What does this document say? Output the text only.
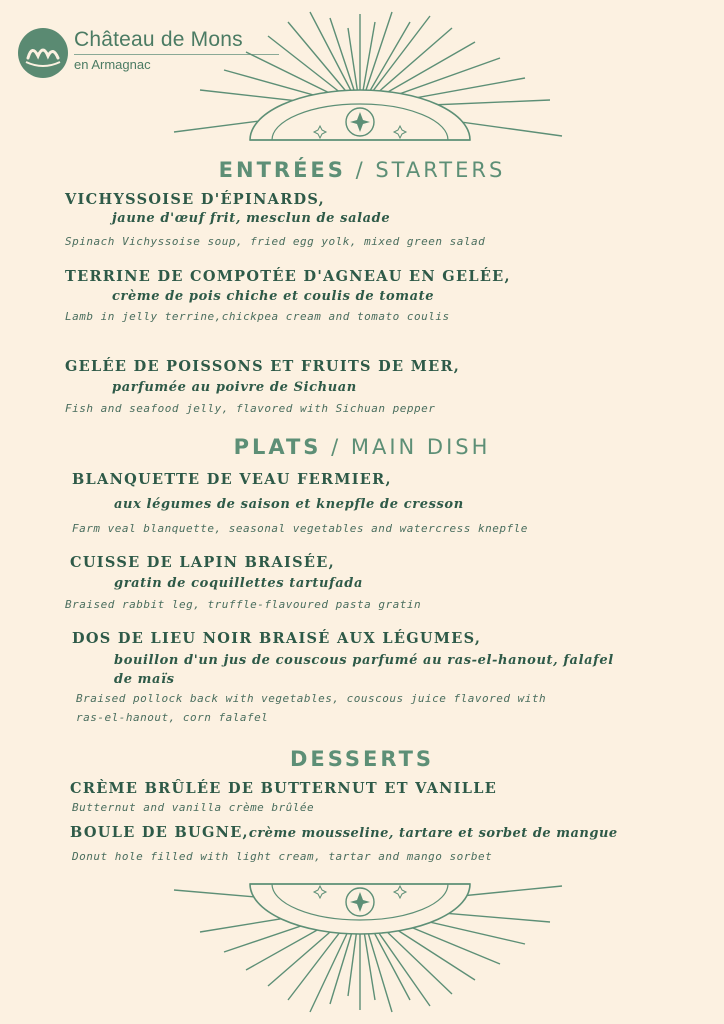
Château de Mons
en Armagnac
ENTRÉES / STARTERS
VICHYSSOISE D'ÉPINARDS,
jaune d'œuf frit, mesclun de salade
Spinach Vichyssoise soup, fried egg yolk, mixed green salad
TERRINE DE COMPOTÉE D'AGNEAU EN GELÉE,
crème de pois chiche et coulis de tomate
Lamb in jelly terrine,chickpea cream and tomato coulis
GELÉE DE POISSONS ET FRUITS DE MER,
parfumée au poivre de Sichuan
Fish and seafood jelly, flavored with Sichuan pepper
PLATS / MAIN DISH
BLANQUETTE DE VEAU FERMIER,
aux légumes de saison et knepfle de cresson
Farm veal blanquette, seasonal vegetables and watercress knepfle
CUISSE DE LAPIN BRAISÉE,
gratin de coquillettes tartufada
Braised rabbit leg, truffle-flavoured pasta gratin
DOS DE LIEU NOIR BRAISÉ AUX LÉGUMES,
bouillon d'un jus de couscous parfumé au ras-el-hanout, falafel
de maïs
Braised pollock back with vegetables, couscous juice flavored with
ras-el-hanout, corn falafel
DESSERTS
CRÈME BRÛLÉE DE BUTTERNUT ET VANILLE
Butternut and vanilla crème brûlée
BOULE DE BUGNE,crème mousseline, tartare et sorbet de mangue
Donut hole filled with light cream, tartar and mango sorbet
